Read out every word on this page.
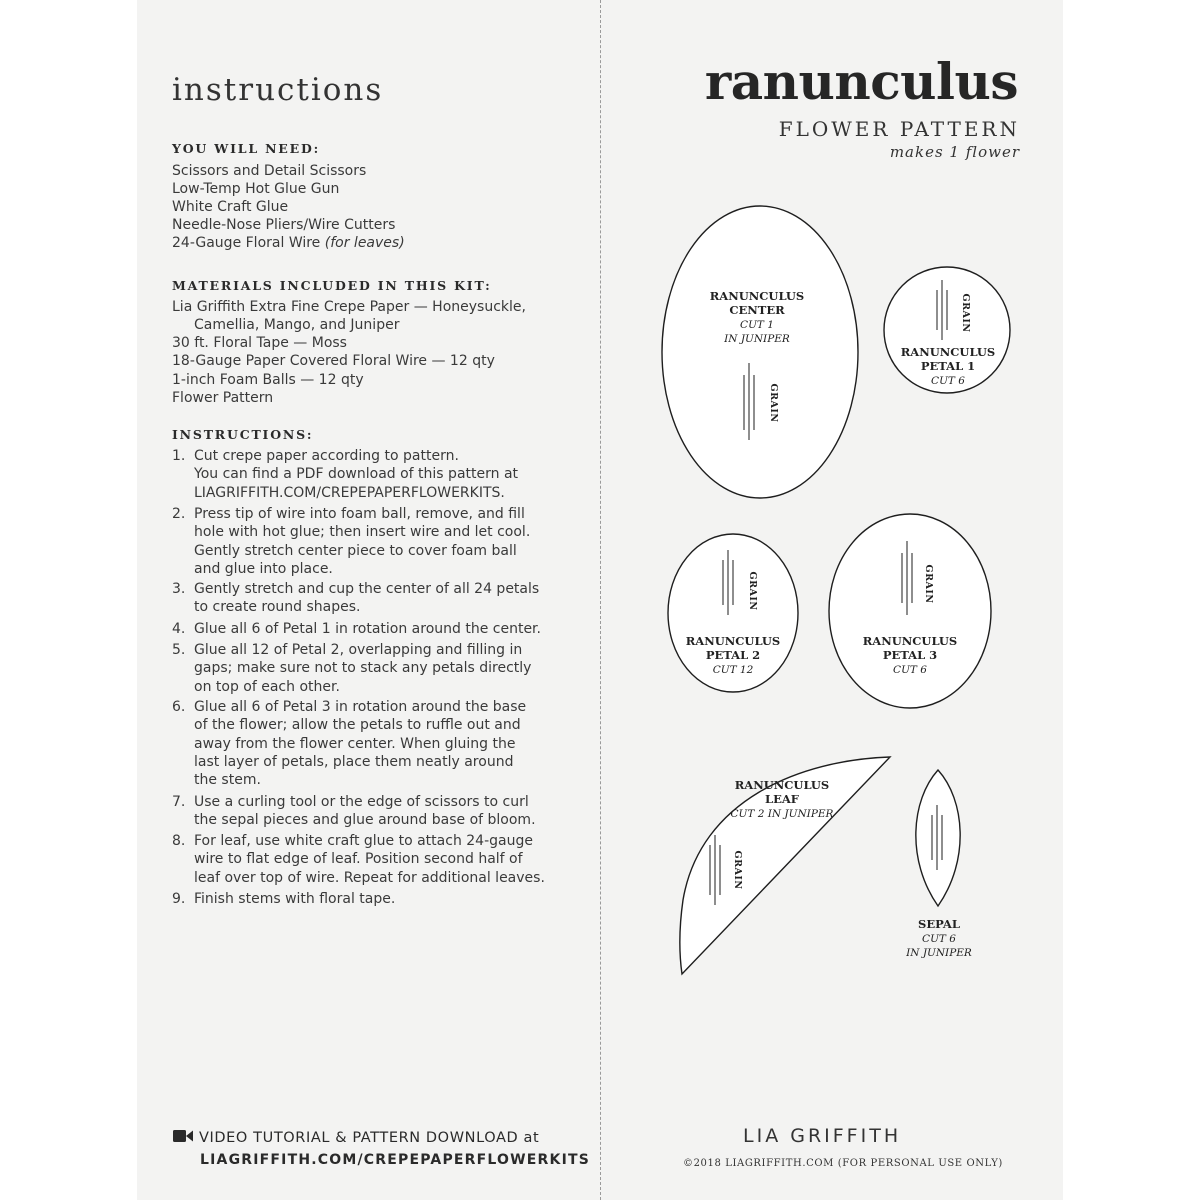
instructions
YOU WILL NEED:
Scissors and Detail Scissors
Low-Temp Hot Glue Gun
White Craft Glue
Needle-Nose Pliers/Wire Cutters
24-Gauge Floral Wire (for leaves)
MATERIALS INCLUDED IN THIS KIT:
Lia Griffith Extra Fine Crepe Paper — Honeysuckle,
Camellia, Mango, and Juniper
30 ft. Floral Tape — Moss
18-Gauge Paper Covered Floral Wire — 12 qty
1-inch Foam Balls — 12 qty
Flower Pattern
INSTRUCTIONS:
1. Cut crepe paper according to pattern.
You can find a PDF download of this pattern at
LIAGRIFFITH.COM/CREPEPAPERFLOWERKITS.
2. Press tip of wire into foam ball, remove, and fill
hole with hot glue; then insert wire and let cool.
Gently stretch center piece to cover foam ball
and glue into place.
3. Gently stretch and cup the center of all 24 petals
to create round shapes.
4. Glue all 6 of Petal 1 in rotation around the center.
5. Glue all 12 of Petal 2, overlapping and filling in
gaps; make sure not to stack any petals directly
on top of each other.
6. Glue all 6 of Petal 3 in rotation around the base
of the flower; allow the petals to ruffle out and
away from the flower center. When gluing the
last layer of petals, place them neatly around
the stem.
7. Use a curling tool or the edge of scissors to curl
the sepal pieces and glue around base of bloom.
8. For leaf, use white craft glue to attach 24-gauge
wire to flat edge of leaf. Position second half of
leaf over top of wire. Repeat for additional leaves.
9. Finish stems with floral tape.
VIDEO TUTORIAL & PATTERN DOWNLOAD at
LIAGRIFFITH.COM/CREPEPAPERFLOWERKITS
ranunculus
FLOWER PATTERN
makes 1 flower
RANUNCULUS
CENTER
CUT 1
IN JUNIPER
GRAIN
GRAIN
RANUNCULUS
PETAL 1
CUT 6
GRAIN
RANUNCULUS
PETAL 2
CUT 12
GRAIN
RANUNCULUS
PETAL 3
CUT 6
GRAIN
RANUNCULUS
LEAF
CUT 2 IN JUNIPER
SEPAL
CUT 6
IN JUNIPER
LIA GRIFFITH
©2018 LIAGRIFFITH.COM (FOR PERSONAL USE ONLY)
